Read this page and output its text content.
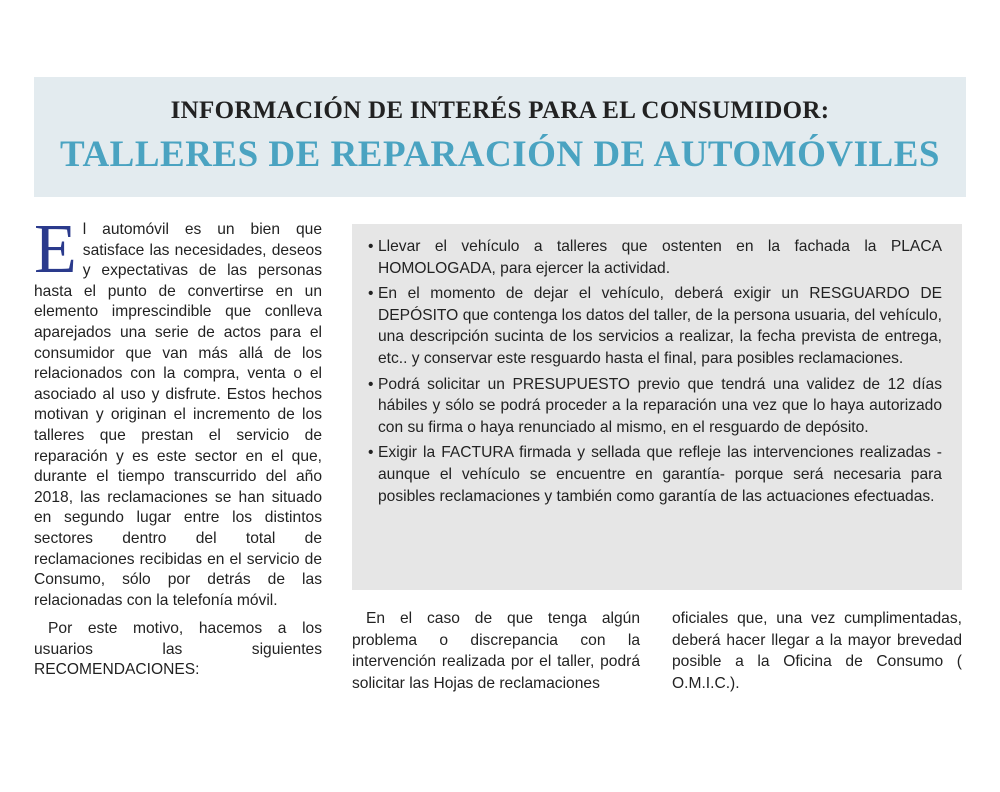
INFORMACIÓN DE INTERÉS PARA EL CONSUMIDOR:
TALLERES DE REPARACIÓN DE AUTOMÓVILES

El automóvil es un bien que satisface las necesidades, deseos y expectativas de las personas hasta el punto de convertirse en un elemento imprescindible que conlleva aparejados una serie de actos para el consumidor que van más allá de los relacionados con la compra, venta o el asociado al uso y disfrute. Estos hechos motivan y originan el incremento de los talleres que prestan el servicio de reparación y es este sector en el que, durante el tiempo transcurrido del año 2018, las reclamaciones se han situado en segundo lugar entre los distintos sectores dentro del total de reclamaciones recibidas en el servicio de Consumo, sólo por detrás de las relacionadas con la telefonía móvil.

Por este motivo, hacemos a los usuarios las siguientes RECOMENDACIONES:

• Llevar el vehículo a talleres que ostenten en la fachada la PLACA HOMOLOGADA, para ejercer la actividad.
• En el momento de dejar el vehículo, deberá exigir un RESGUARDO DE DEPÓSITO que contenga los datos del taller, de la persona usuaria, del vehículo, una descripción sucinta de los servicios a realizar, la fecha prevista de entrega, etc.. y conservar este resguardo hasta el final, para posibles reclamaciones.
• Podrá solicitar un PRESUPUESTO previo que tendrá una validez de 12 días hábiles y sólo se podrá proceder a la reparación una vez que lo haya autorizado con su firma o haya renunciado al mismo, en el resguardo de depósito.
• Exigir la FACTURA firmada y sellada que refleje las intervenciones realizadas -aunque el vehículo se encuentre en garantía- porque será necesaria para posibles reclamaciones y también como garantía de las actuaciones efectuadas.
En el caso de que tenga algún problema o discrepancia con la intervención realizada por el taller, podrá solicitar las Hojas de reclamaciones
oficiales que, una vez cumplimentadas, deberá hacer llegar a la mayor brevedad posible a la Oficina de Consumo ( O.M.I.C.).
